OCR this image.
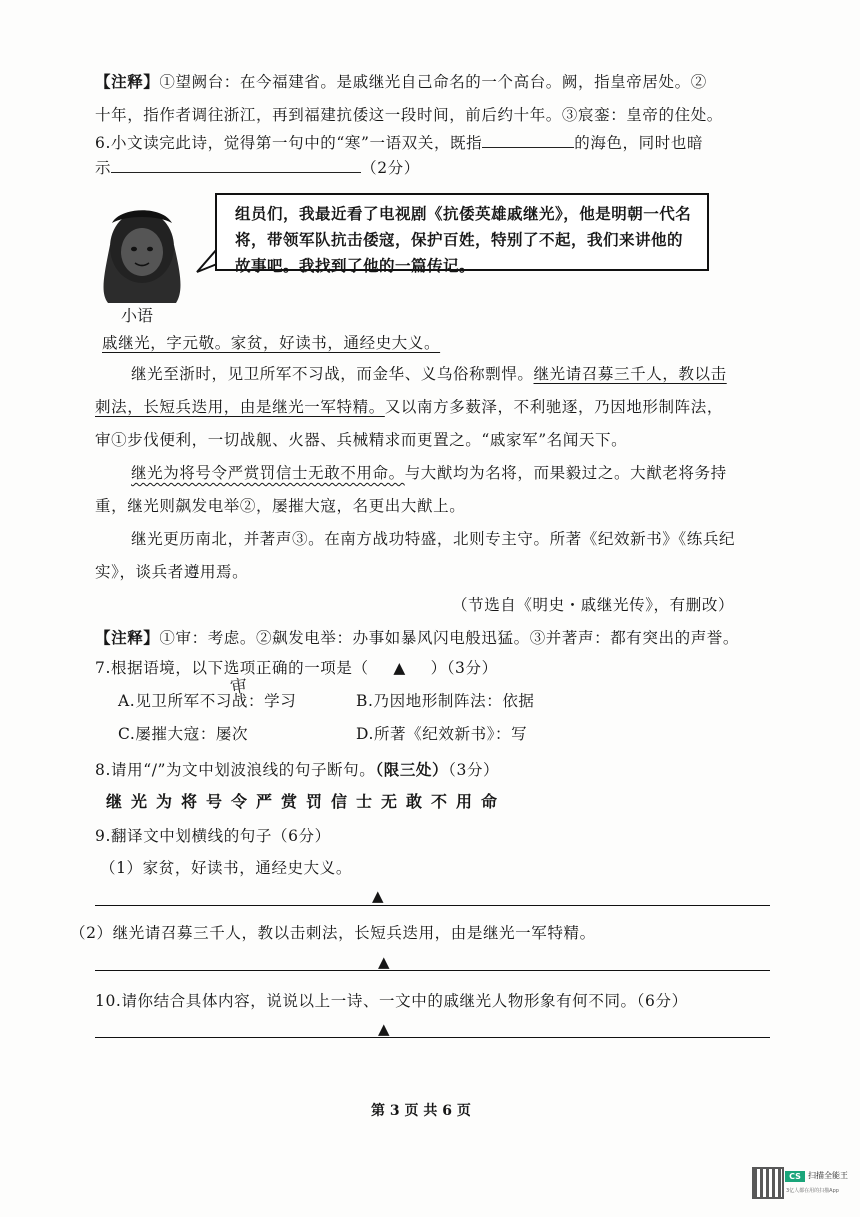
【注释】①望阙台：在今福建省。是戚继光自己命名的一个高台。阙，指皇帝居处。②
十年，指作者调往浙江，再到福建抗倭这一段时间，前后约十年。③宸銮：皇帝的住处。
6.小文读完此诗，觉得第一句中的“寒”一语双关，既指	的海色，同时也暗
示	（2分）
组员们，我最近看了电视剧《抗倭英雄戚继光》，他是明朝一代名
将，带领军队抗击倭寇，保护百姓，特别了不起，我们来讲他的
故事吧。我找到了他的一篇传记。
小语
戚继光，字元敬。家贫，好读书，通经史大义。
继光至浙时，见卫所军不习战，而金华、义乌俗称剽悍。继光请召募三千人，教以击
刺法，长短兵迭用，由是继光一军特精。又以南方多薮泽，不利驰逐，乃因地形制阵法，
审①步伐便利，一切战舰、火器、兵械精求而更置之。“戚家军”名闻天下。
继光为将号令严赏罚信士无敢不用命。与大猷均为名将，而果毅过之。大猷老将务持
重，继光则飙发电举②，屡摧大寇，名更出大猷上。
继光更历南北，并著声③。在南方战功特盛，北则专主守。所著《纪效新书》《练兵纪
实》，谈兵者遵用焉。
（节选自《明史・戚继光传》，有删改）
【注释】①审：考虑。②飙发电举：办事如暴风闪电般迅猛。③并著声：都有突出的声誉。
7.根据语境，以下选项正确的一项是（ ▲ ）（3分）
审
A.见卫所军不习战：学习	B.乃因地形制阵法：依据
C.屡摧大寇：屡次	D.所著《纪效新书》：写
8.请用“/”为文中划波浪线的句子断句。（限三处）（3分）
继光为将号令严赏罚信士无敢不用命
9.翻译文中划横线的句子（6分）
（1）家贫，好读书，通经史大义。
▲
（2）继光请召募三千人，教以击刺法，长短兵迭用，由是继光一军特精。
▲
10.请你结合具体内容，说说以上一诗、一文中的戚继光人物形象有何不同。（6分）
▲
第 3 页 共 6 页
CS 扫描全能王
3亿人都在用的扫描App
